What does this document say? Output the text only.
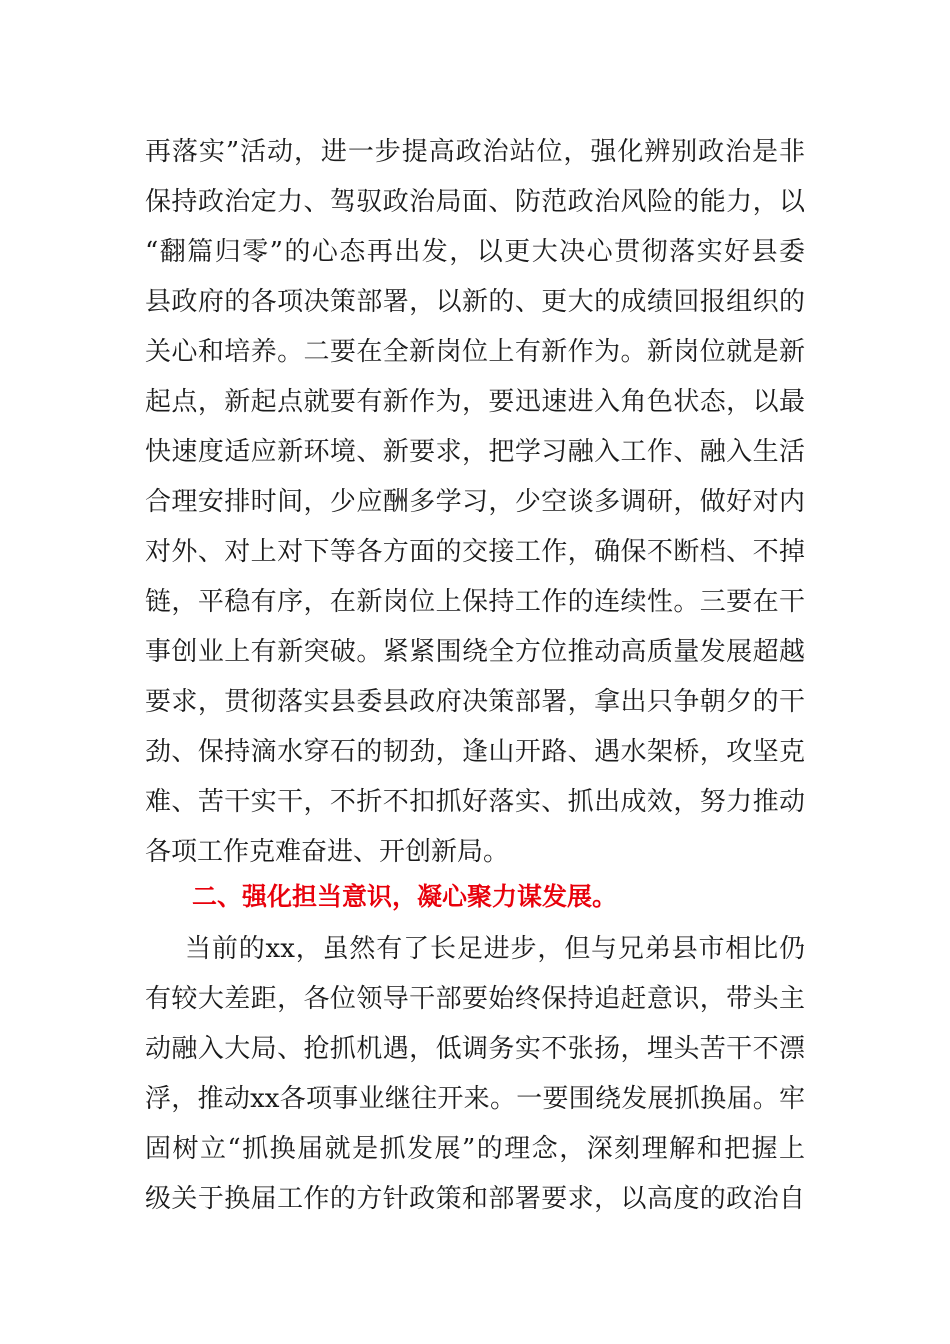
再落实”活动，进一步提高政治站位，强化辨别政治是非
保持政治定力、驾驭政治局面、防范政治风险的能力，以
“翻篇归零”的心态再出发，以更大决心贯彻落实好县委
县政府的各项决策部署，以新的、更大的成绩回报组织的
关心和培养。二要在全新岗位上有新作为。新岗位就是新
起点，新起点就要有新作为，要迅速进入角色状态，以最
快速度适应新环境、新要求，把学习融入工作、融入生活
合理安排时间，少应酬多学习，少空谈多调研，做好对内
对外、对上对下等各方面的交接工作，确保不断档、不掉
链，平稳有序，在新岗位上保持工作的连续性。三要在干
事创业上有新突破。紧紧围绕全方位推动高质量发展超越
要求，贯彻落实县委县政府决策部署，拿出只争朝夕的干
劲、保持滴水穿石的韧劲，逢山开路、遇水架桥，攻坚克
难、苦干实干，不折不扣抓好落实、抓出成效，努力推动
各项工作克难奋进、开创新局。
二、强化担当意识，凝心聚力谋发展。
当前的xx，虽然有了长足进步，但与兄弟县市相比仍
有较大差距，各位领导干部要始终保持追赶意识，带头主
动融入大局、抢抓机遇，低调务实不张扬，埋头苦干不漂
浮，推动xx各项事业继往开来。一要围绕发展抓换届。牢
固树立“抓换届就是抓发展”的理念，深刻理解和把握上
级关于换届工作的方针政策和部署要求，以高度的政治自
